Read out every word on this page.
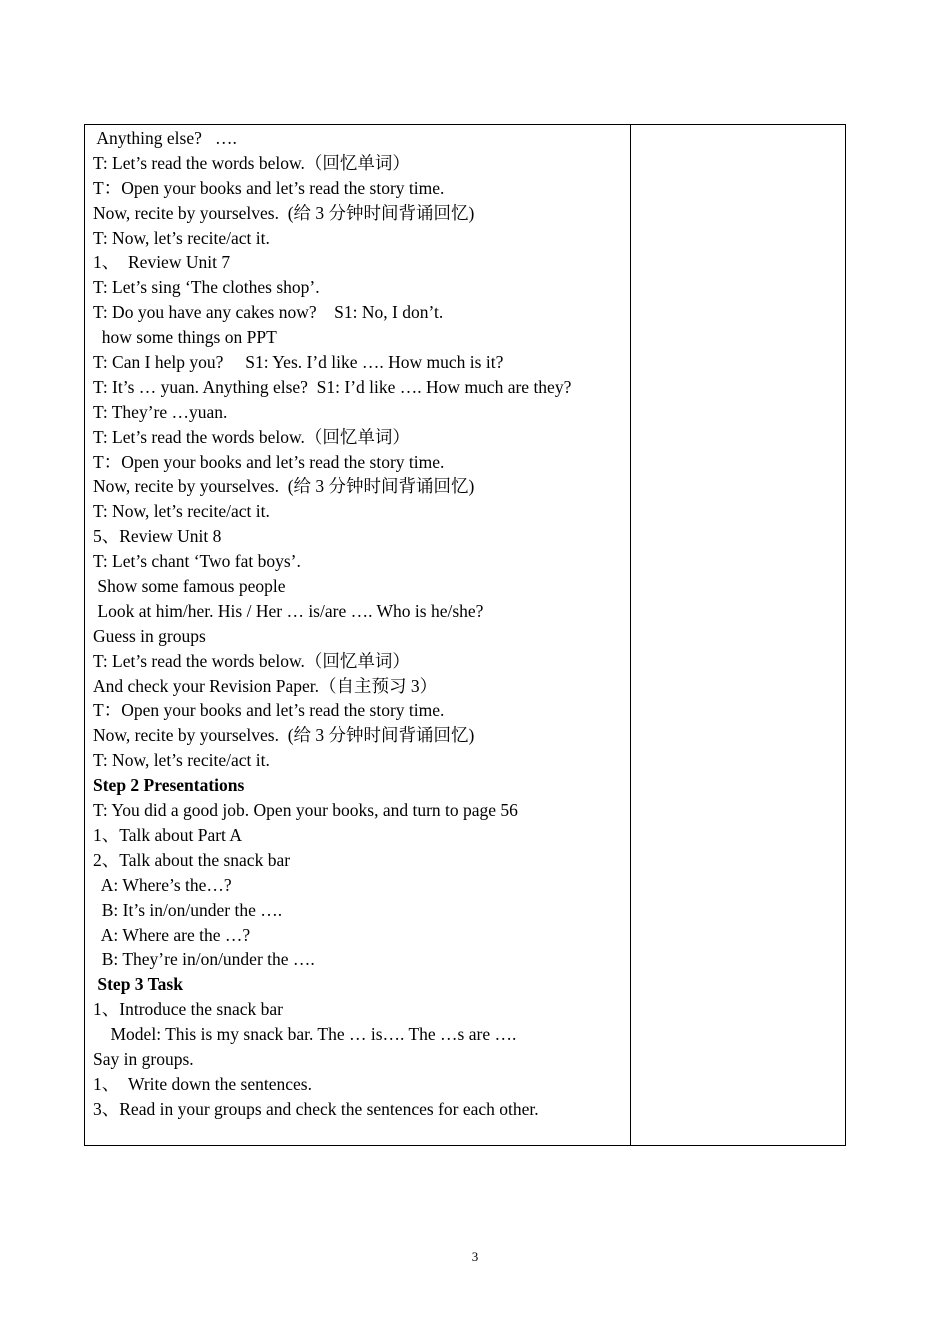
Anything else?   ….
T: Let’s read the words below.（回忆单词）
T：Open your books and let’s read the story time.
Now, recite by yourselves.  (给 3 分钟时间背诵回忆)
T: Now, let’s recite/act it.
1、  Review Unit 7
T: Let’s sing ‘The clothes shop’.
T: Do you have any cakes now?    S1: No, I don’t.
how some things on PPT
T: Can I help you?     S1: Yes. I’d like …. How much is it?
T: It’s … yuan. Anything else?  S1: I’d like …. How much are they?
T: They’re …yuan.
T: Let’s read the words below.（回忆单词）
T：Open your books and let’s read the story time.
Now, recite by yourselves.  (给 3 分钟时间背诵回忆)
T: Now, let’s recite/act it.
5、Review Unit 8
T: Let’s chant ‘Two fat boys’.
Show some famous people
Look at him/her. His / Her … is/are …. Who is he/she?
Guess in groups
T: Let’s read the words below.（回忆单词）
And check your Revision Paper.（自主预习 3）
T：Open your books and let’s read the story time.
Now, recite by yourselves.  (给 3 分钟时间背诵回忆)
T: Now, let’s recite/act it.
Step 2 Presentations
T: You did a good job. Open your books, and turn to page 56
1、Talk about Part A
2、Talk about the snack bar
A: Where’s the…?
B: It’s in/on/under the ….
A: Where are the …?
B: They’re in/on/under the ….
Step 3 Task
1、Introduce the snack bar
Model: This is my snack bar. The … is…. The …s are ….
Say in groups.
1、  Write down the sentences.
3、Read in your groups and check the sentences for each other.
3
